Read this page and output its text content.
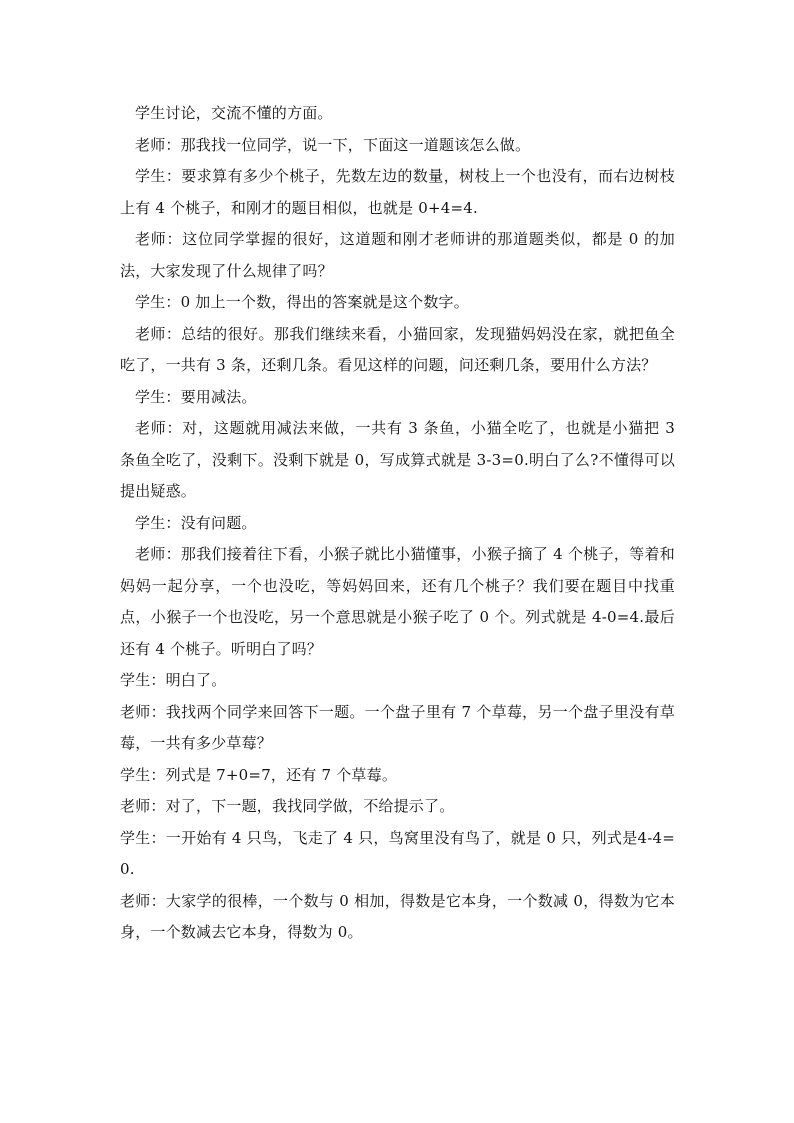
学生讨论，交流不懂的方面。

老师：那我找一位同学，说一下，下面这一道题该怎么做。

学生：要求算有多少个桃子，先数左边的数量，树枝上一个也没有，而右边树枝上有 4 个桃子，和刚才的题目相似，也就是 0+4=4.

老师：这位同学掌握的很好，这道题和刚才老师讲的那道题类似，都是 0 的加法，大家发现了什么规律了吗？

学生：0 加上一个数，得出的答案就是这个数字。

老师：总结的很好。那我们继续来看，小猫回家，发现猫妈妈没在家，就把鱼全吃了，一共有 3 条，还剩几条。看见这样的问题，问还剩几条，要用什么方法？

学生：要用减法。

老师：对，这题就用减法来做，一共有 3 条鱼，小猫全吃了，也就是小猫把 3 条鱼全吃了，没剩下。没剩下就是 0，写成算式就是 3-3=0.明白了么?不懂得可以提出疑惑。

学生：没有问题。

老师：那我们接着往下看，小猴子就比小猫懂事，小猴子摘了 4 个桃子，等着和妈妈一起分享，一个也没吃，等妈妈回来，还有几个桃子？我们要在题目中找重点，小猴子一个也没吃，另一个意思就是小猴子吃了 0 个。列式就是 4-0=4.最后还有 4 个桃子。听明白了吗？

学生：明白了。

老师：我找两个同学来回答下一题。一个盘子里有 7 个草莓，另一个盘子里没有草莓，一共有多少草莓？

学生：列式是 7+0=7，还有 7 个草莓。

老师：对了，下一题，我找同学做，不给提示了。

学生：一开始有 4 只鸟，飞走了 4 只，鸟窝里没有鸟了，就是 0 只，列式是4-4=0.

老师：大家学的很棒，一个数与 0 相加，得数是它本身，一个数减 0，得数为它本身，一个数减去它本身，得数为 0。
